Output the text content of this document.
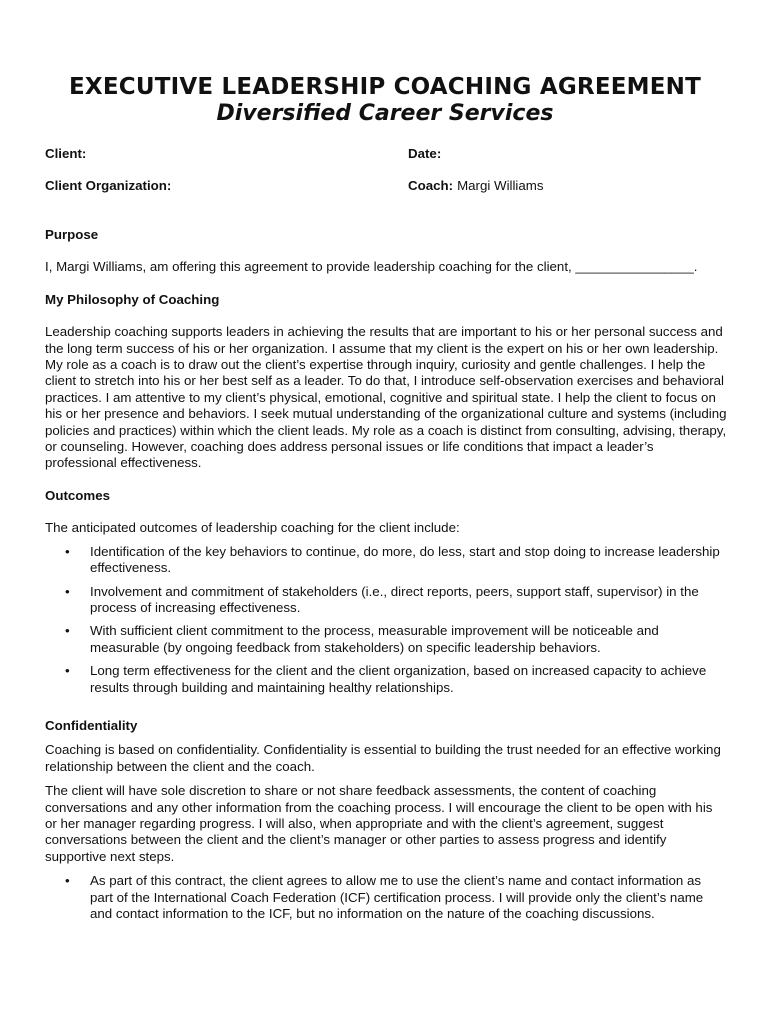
EXECUTIVE LEADERSHIP COACHING AGREEMENT
Diversified Career Services
Client:	Date:
Client Organization:	Coach: Margi Williams
Purpose

I, Margi Williams, am offering this agreement to provide leadership coaching for the client, ________________.

My Philosophy of Coaching

Leadership coaching supports leaders in achieving the results that are important to his or her personal success and the long term success of his or her organization. I assume that my client is the expert on his or her own leadership. My role as a coach is to draw out the client’s expertise through inquiry, curiosity and gentle challenges. I help the client to stretch into his or her best self as a leader. To do that, I introduce self-observation exercises and behavioral practices. I am attentive to my client’s physical, emotional, cognitive and spiritual state. I help the client to focus on his or her presence and behaviors. I seek mutual understanding of the organizational culture and systems (including policies and practices) within which the client leads. My role as a coach is distinct from consulting, advising, therapy, or counseling. However, coaching does address personal issues or life conditions that impact a leader’s professional effectiveness.

Outcomes

The anticipated outcomes of leadership coaching for the client include:

• Identification of the key behaviors to continue, do more, do less, start and stop doing to increase leadership effectiveness.
• Involvement and commitment of stakeholders (i.e., direct reports, peers, support staff, supervisor) in the process of increasing effectiveness.
• With sufficient client commitment to the process, measurable improvement will be noticeable and measurable (by ongoing feedback from stakeholders) on specific leadership behaviors.
• Long term effectiveness for the client and the client organization, based on increased capacity to achieve results through building and maintaining healthy relationships.
Confidentiality

Coaching is based on confidentiality. Confidentiality is essential to building the trust needed for an effective working relationship between the client and the coach.

The client will have sole discretion to share or not share feedback assessments, the content of coaching conversations and any other information from the coaching process. I will encourage the client to be open with his or her manager regarding progress. I will also, when appropriate and with the client’s agreement, suggest conversations between the client and the client’s manager or other parties to assess progress and identify supportive next steps.

• As part of this contract, the client agrees to allow me to use the client’s name and contact information as part of the International Coach Federation (ICF) certification process. I will provide only the client’s name and contact information to the ICF, but no information on the nature of the coaching discussions.
